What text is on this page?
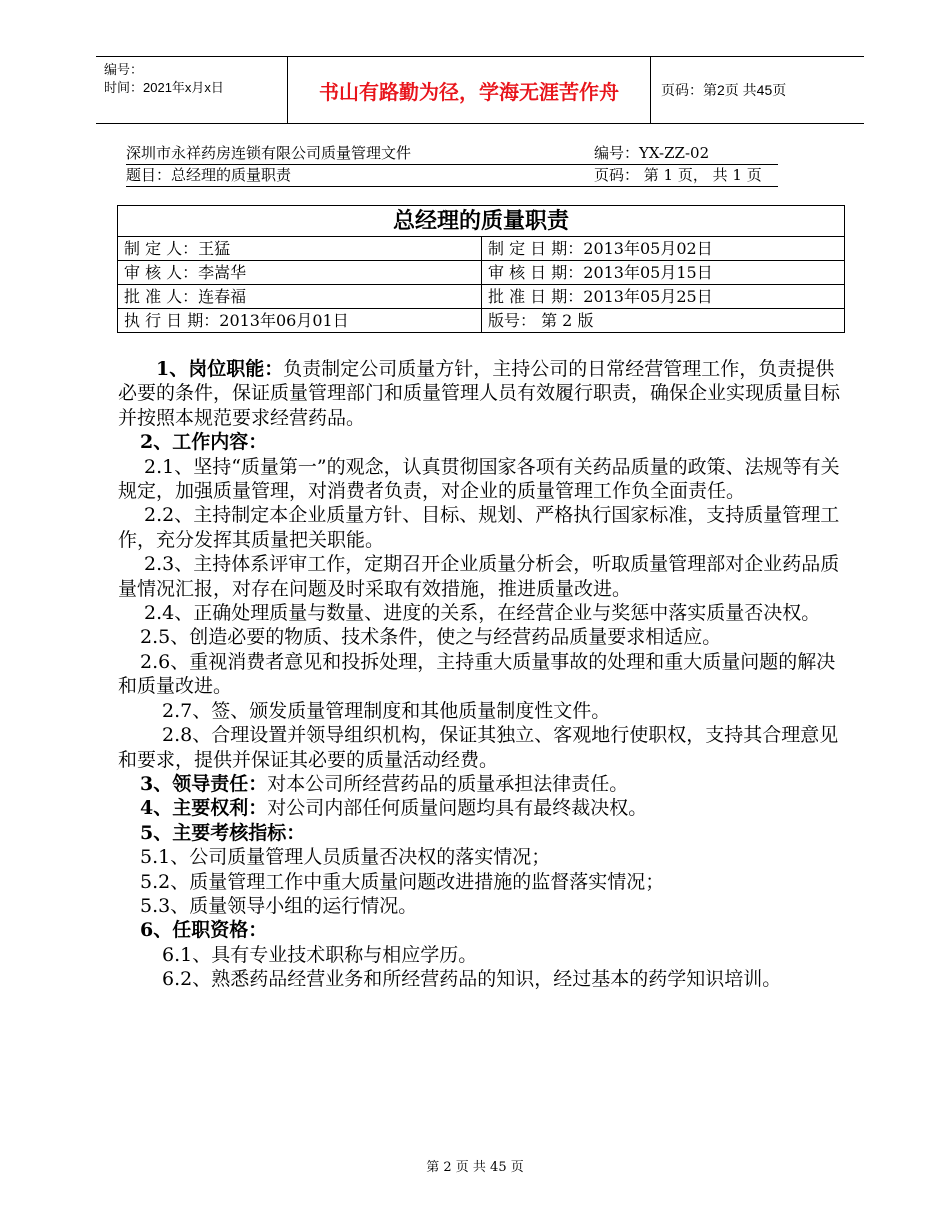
编号：
时间：2021年x月x日	书山有路勤为径，学海无涯苦作舟	页码：第2页 共45页
深圳市永祥药房连锁有限公司质量管理文件	编号：YX-ZZ-02
题目：总经理的质量职责	页码： 第 1 页， 共 1 页
总经理的质量职责
制 定 人：王猛	制 定 日 期：2013年05月02日
审 核 人：李嵩华	审 核 日 期：2013年05月15日
批 准 人：连春福	批 准 日 期：2013年05月25日
执 行 日 期：2013年06月01日	版号： 第 2 版

1、岗位职能：负责制定公司质量方针，主持公司的日常经营管理工作，负责提供必要的条件，保证质量管理部门和质量管理人员有效履行职责，确保企业实现质量目标并按照本规范要求经营药品。

2、工作内容：

2.1、坚持“质量第一”的观念，认真贯彻国家各项有关药品质量的政策、法规等有关规定，加强质量管理，对消费者负责，对企业的质量管理工作负全面责任。

2.2、主持制定本企业质量方针、目标、规划、严格执行国家标准，支持质量管理工作，充分发挥其质量把关职能。

2.3、主持体系评审工作，定期召开企业质量分析会，听取质量管理部对企业药品质量情况汇报，对存在问题及时采取有效措施，推进质量改进。

2.4、正确处理质量与数量、进度的关系，在经营企业与奖惩中落实质量否决权。

2.5、创造必要的物质、技术条件，使之与经营药品质量要求相适应。

2.6、重视消费者意见和投拆处理，主持重大质量事故的处理和重大质量问题的解决和质量改进。

2.7、签、颁发质量管理制度和其他质量制度性文件。

2.8、合理设置并领导组织机构，保证其独立、客观地行使职权，支持其合理意见和要求，提供并保证其必要的质量活动经费。

3、领导责任：对本公司所经营药品的质量承担法律责任。

4、主要权利：对公司内部任何质量问题均具有最终裁决权。

5、主要考核指标：

5.1、公司质量管理人员质量否决权的落实情况；

5.2、质量管理工作中重大质量问题改进措施的监督落实情况；

5.3、质量领导小组的运行情况。

6、任职资格：

6.1、具有专业技术职称与相应学历。

6.2、熟悉药品经营业务和所经营药品的知识，经过基本的药学知识培训。

第 2 页 共 45 页
